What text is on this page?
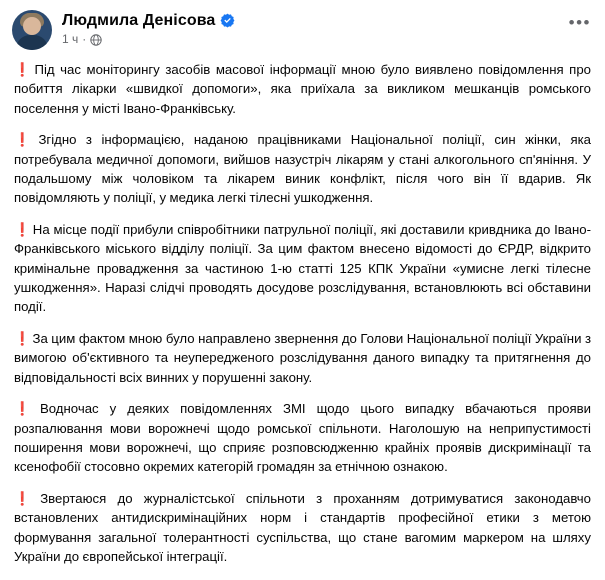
Людмила Денісова
1 ч ·
•••

❗ Під час моніторингу засобів масової інформації мною було виявлено повідомлення про побиття лікарки «швидкої допомоги», яка приїхала за викликом мешканців ромського поселення у місті Івано-Франківську.

❗ Згідно з інформацією, наданою працівниками Національної поліції, син жінки, яка потребувала медичної допомоги, вийшов назустріч лікарям у стані алкогольного сп'яніння. У подальшому між чоловіком та лікарем виник конфлікт, після чого він її вдарив. Як повідомляють у поліції, у медика легкі тілесні ушкодження.

❗ На місце події прибули співробітники патрульної поліції, які доставили кривдника до Івано-Франківського міського відділу поліції. За цим фактом внесено відомості до ЄРДР, відкрито кримінальне провадження за частиною 1-ю статті 125 КПК України «умисне легкі тілесне ушкодження». Наразі слідчі проводять досудове розслідування, встановлюють всі обставини події.

❗ За цим фактом мною було направлено звернення до Голови Національної поліції України з вимогою об'єктивного та неупередженого розслідування даного випадку та притягнення до відповідальності всіх винних у порушенні закону.

❗ Водночас у деяких повідомленнях ЗМІ щодо цього випадку вбачаються прояви розпалювання мови ворожнечі щодо ромської спільноти. Наголошую на неприпустимості поширення мови ворожнечі, що сприяє розповсюдженню крайніх проявів дискримінації та ксенофобії стосовно окремих категорій громадян за етнічною ознакою.

❗ Звертаюся до журналістської спільноти з проханням дотримуватися законодавчо встановлених антидискримінаційних норм і стандартів професійної етики з метою формування загальної толерантності суспільства, що стане вагомим маркером на шляху України до європейської інтеграції.
